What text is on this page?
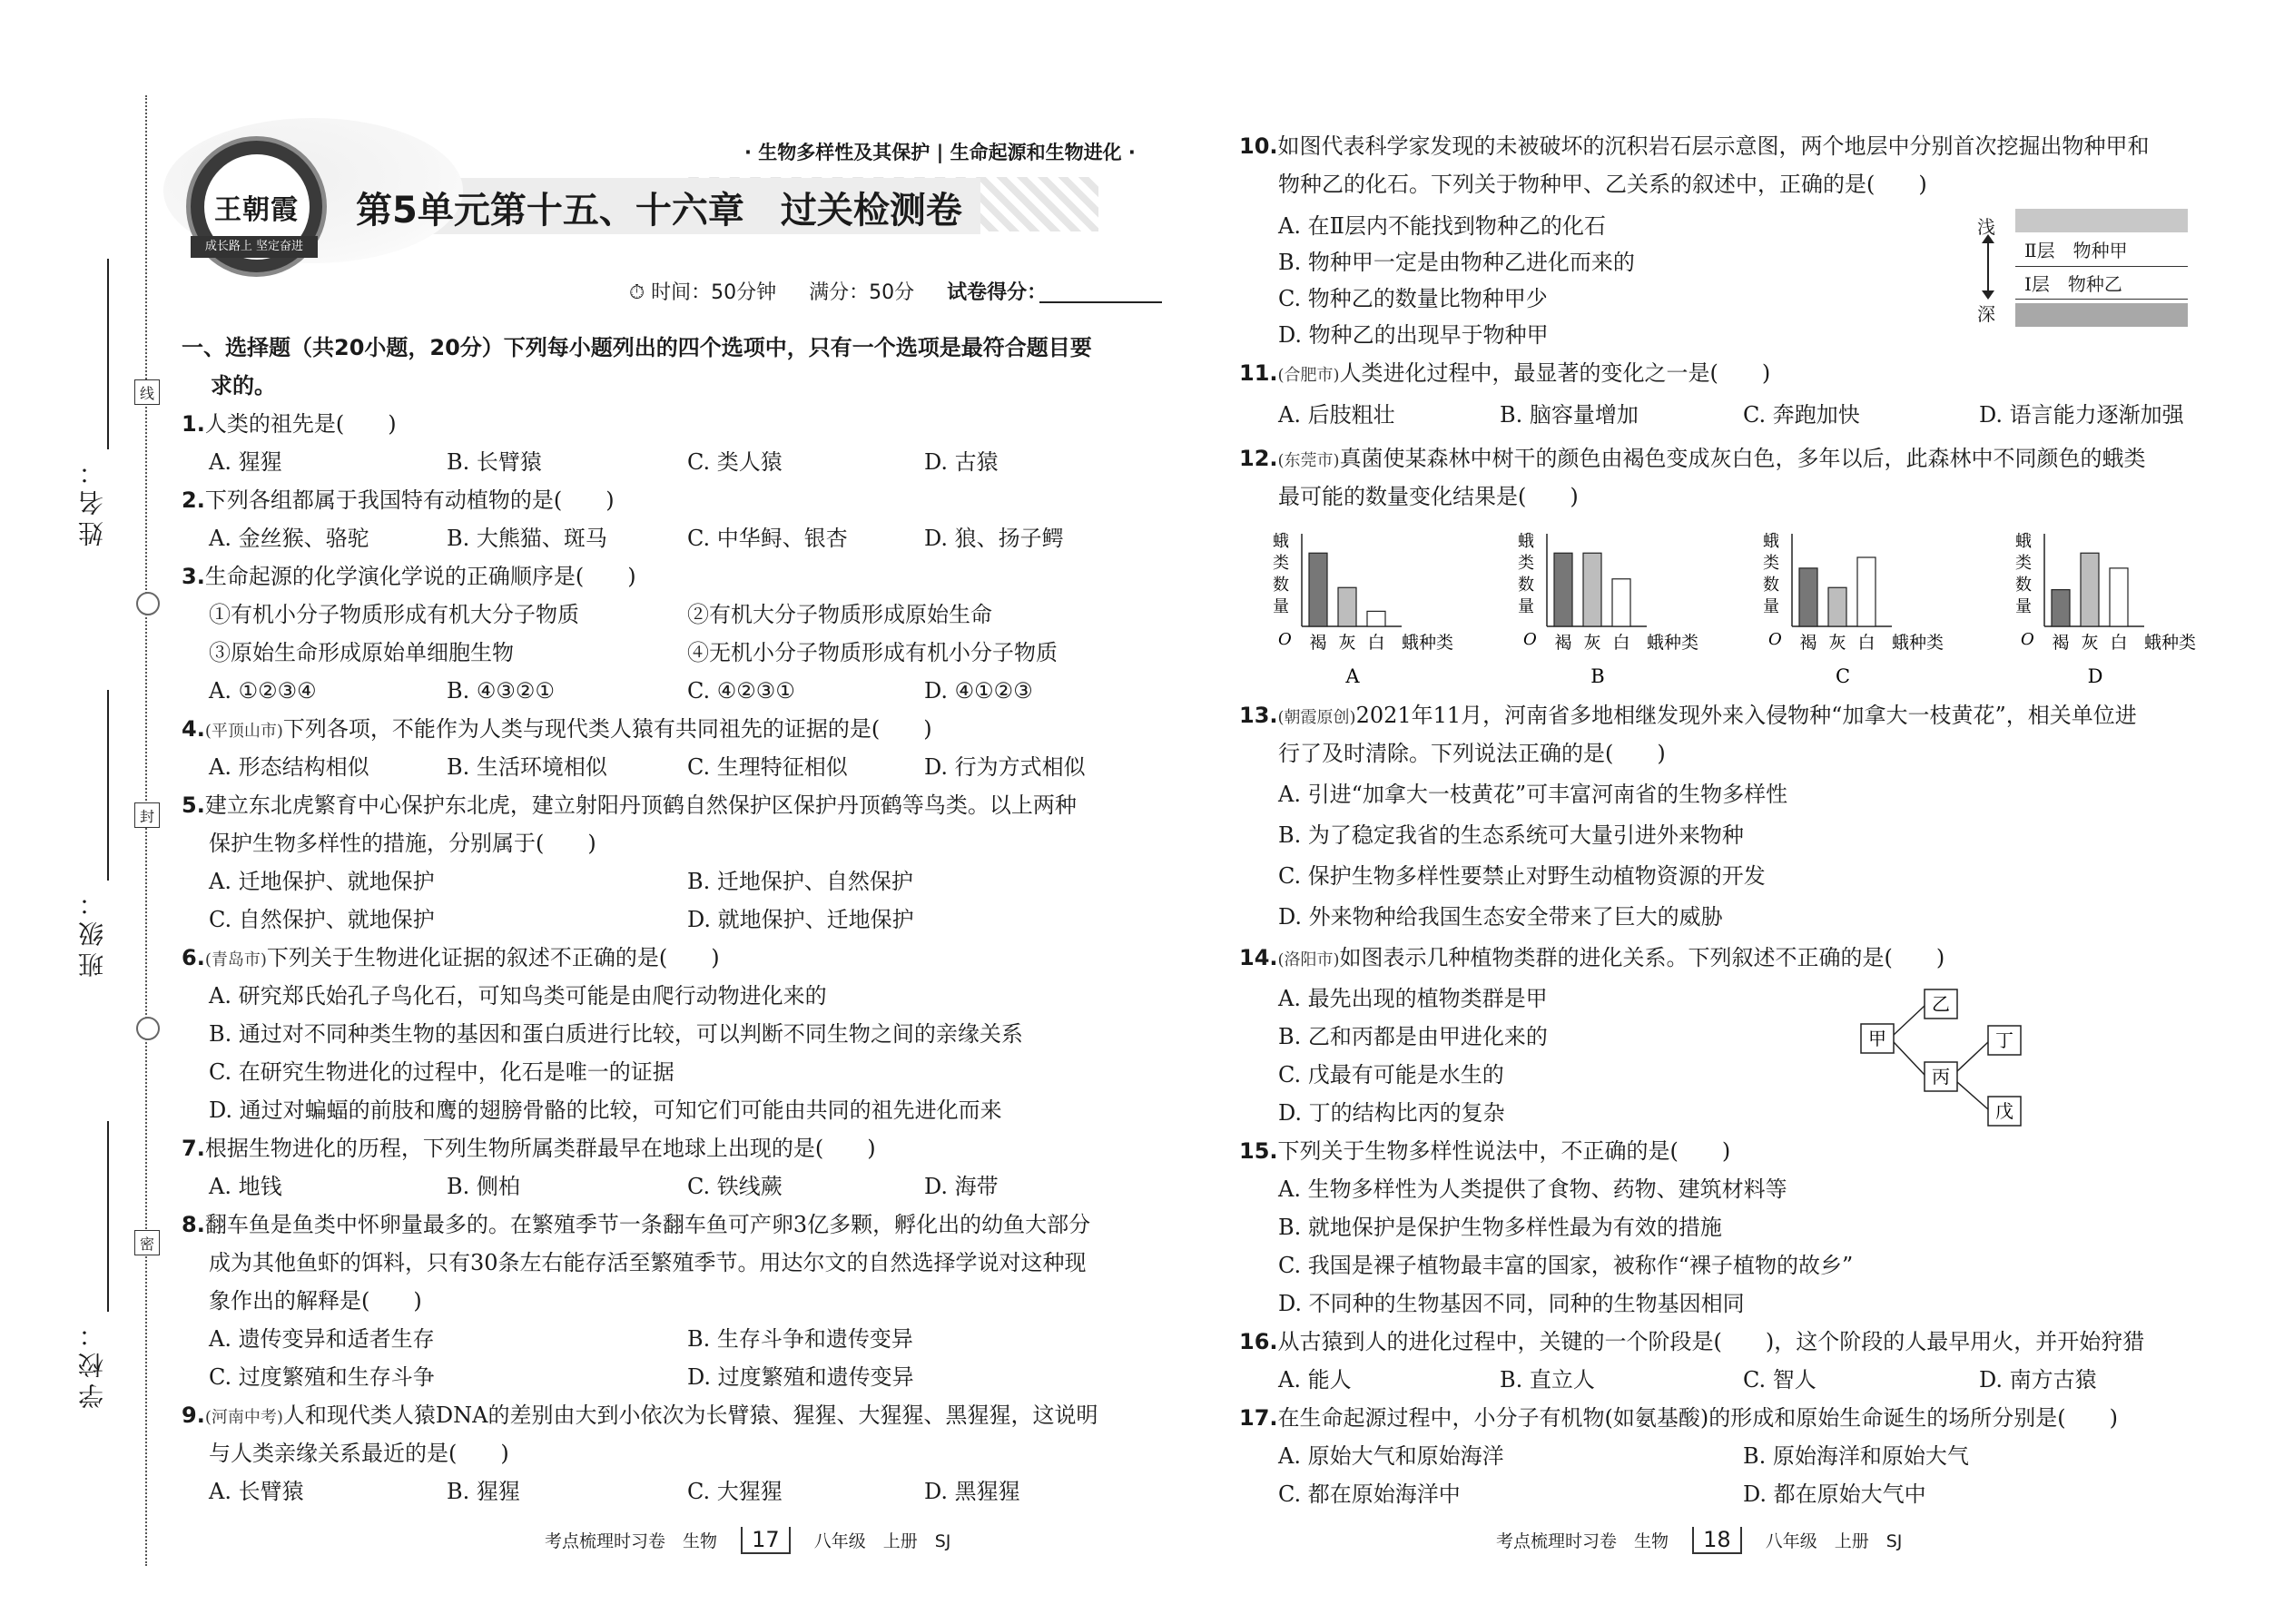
线
封
密
姓名：
班级：
学校：
王朝霞
成长路上 坚定奋进
· 生物多样性及其保护 | 生命起源和生物进化 ·
第5单元第十五、十六章　过关检测卷
⏱ 时间：50分钟 满分：50分 试卷得分：
一、选择题（共20小题，20分）下列每小题列出的四个选项中，只有一个选项是最符合题目要
求的。
1.人类的祖先是(　　)
A. 猩猩	B. 长臂猿	C. 类人猿	D. 古猿
2.下列各组都属于我国特有动植物的是(　　)
A. 金丝猴、骆驼	B. 大熊猫、斑马	C. 中华鲟、银杏	D. 狼、扬子鳄
3.生命起源的化学演化学说的正确顺序是(　　)
①有机小分子物质形成有机大分子物质	②有机大分子物质形成原始生命
③原始生命形成原始单细胞生物	④无机小分子物质形成有机小分子物质
A. ①②③④	B. ④③②①	C. ④②③①	D. ④①②③
4.(平顶山市)下列各项，不能作为人类与现代类人猿有共同祖先的证据的是(　　)
A. 形态结构相似	B. 生活环境相似	C. 生理特征相似	D. 行为方式相似
5.建立东北虎繁育中心保护东北虎，建立射阳丹顶鹤自然保护区保护丹顶鹤等鸟类。以上两种
保护生物多样性的措施，分别属于(　　)
A. 迁地保护、就地保护	B. 迁地保护、自然保护
C. 自然保护、就地保护	D. 就地保护、迁地保护
6.(青岛市)下列关于生物进化证据的叙述不正确的是(　　)
A. 研究郑氏始孔子鸟化石，可知鸟类可能是由爬行动物进化来的
B. 通过对不同种类生物的基因和蛋白质进行比较，可以判断不同生物之间的亲缘关系
C. 在研究生物进化的过程中，化石是唯一的证据
D. 通过对蝙蝠的前肢和鹰的翅膀骨骼的比较，可知它们可能由共同的祖先进化而来
7.根据生物进化的历程，下列生物所属类群最早在地球上出现的是(　　)
A. 地钱	B. 侧柏	C. 铁线蕨	D. 海带
8.翻车鱼是鱼类中怀卵量最多的。在繁殖季节一条翻车鱼可产卵3亿多颗，孵化出的幼鱼大部分
成为其他鱼虾的饵料，只有30条左右能存活至繁殖季节。用达尔文的自然选择学说对这种现
象作出的解释是(　　)
A. 遗传变异和适者生存	B. 生存斗争和遗传变异
C. 过度繁殖和生存斗争	D. 过度繁殖和遗传变异
9.(河南中考)人和现代类人猿DNA的差别由大到小依次为长臂猿、猩猩、大猩猩、黑猩猩，这说明
与人类亲缘关系最近的是(　　)
A. 长臂猿	B. 猩猩	C. 大猩猩	D. 黑猩猩
考点梳理时习卷　生物 17 八年级　上册　SJ
10.如图代表科学家发现的未被破坏的沉积岩石层示意图，两个地层中分别首次挖掘出物种甲和
物种乙的化石。下列关于物种甲、乙关系的叙述中，正确的是(　　)
A. 在Ⅱ层内不能找到物种乙的化石
B. 物种甲一定是由物种乙进化而来的
C. 物种乙的数量比物种甲少
D. 物种乙的出现早于物种甲
浅
深
Ⅱ层　物种甲
Ⅰ层　物种乙
11.(合肥市)人类进化过程中，最显著的变化之一是(　　)
A. 后肢粗壮	B. 脑容量增加	C. 奔跑加快	D. 语言能力逐渐加强
12.(东莞市)真菌使某森林中树干的颜色由褐色变成灰白色，多年以后，此森林中不同颜色的蛾类
最可能的数量变化结果是(　　)
蛾
类
数
量
O 褐 灰 白 蛾种类
A
蛾
类
数
量
O 褐 灰 白 蛾种类
B
蛾
类
数
量
O 褐 灰 白 蛾种类
C
蛾
类
数
量
O 褐 灰 白 蛾种类
D
13.(朝霞原创)2021年11月，河南省多地相继发现外来入侵物种“加拿大一枝黄花”，相关单位进
行了及时清除。下列说法正确的是(　　)
A. 引进“加拿大一枝黄花”可丰富河南省的生物多样性
B. 为了稳定我省的生态系统可大量引进外来物种
C. 保护生物多样性要禁止对野生动植物资源的开发
D. 外来物种给我国生态安全带来了巨大的威胁
14.(洛阳市)如图表示几种植物类群的进化关系。下列叙述不正确的是(　　)
A. 最先出现的植物类群是甲
B. 乙和丙都是由甲进化来的
C. 戊最有可能是水生的
D. 丁的结构比丙的复杂
甲
乙
丙
丁
戊
15.下列关于生物多样性说法中，不正确的是(　　)
A. 生物多样性为人类提供了食物、药物、建筑材料等
B. 就地保护是保护生物多样性最为有效的措施
C. 我国是裸子植物最丰富的国家，被称作“裸子植物的故乡”
D. 不同种的生物基因不同，同种的生物基因相同
16.从古猿到人的进化过程中，关键的一个阶段是(　　)，这个阶段的人最早用火，并开始狩猎
A. 能人	B. 直立人	C. 智人	D. 南方古猿
17.在生命起源过程中，小分子有机物(如氨基酸)的形成和原始生命诞生的场所分别是(　　)
A. 原始大气和原始海洋	B. 原始海洋和原始大气
C. 都在原始海洋中	D. 都在原始大气中
考点梳理时习卷　生物 18 八年级　上册　SJ
